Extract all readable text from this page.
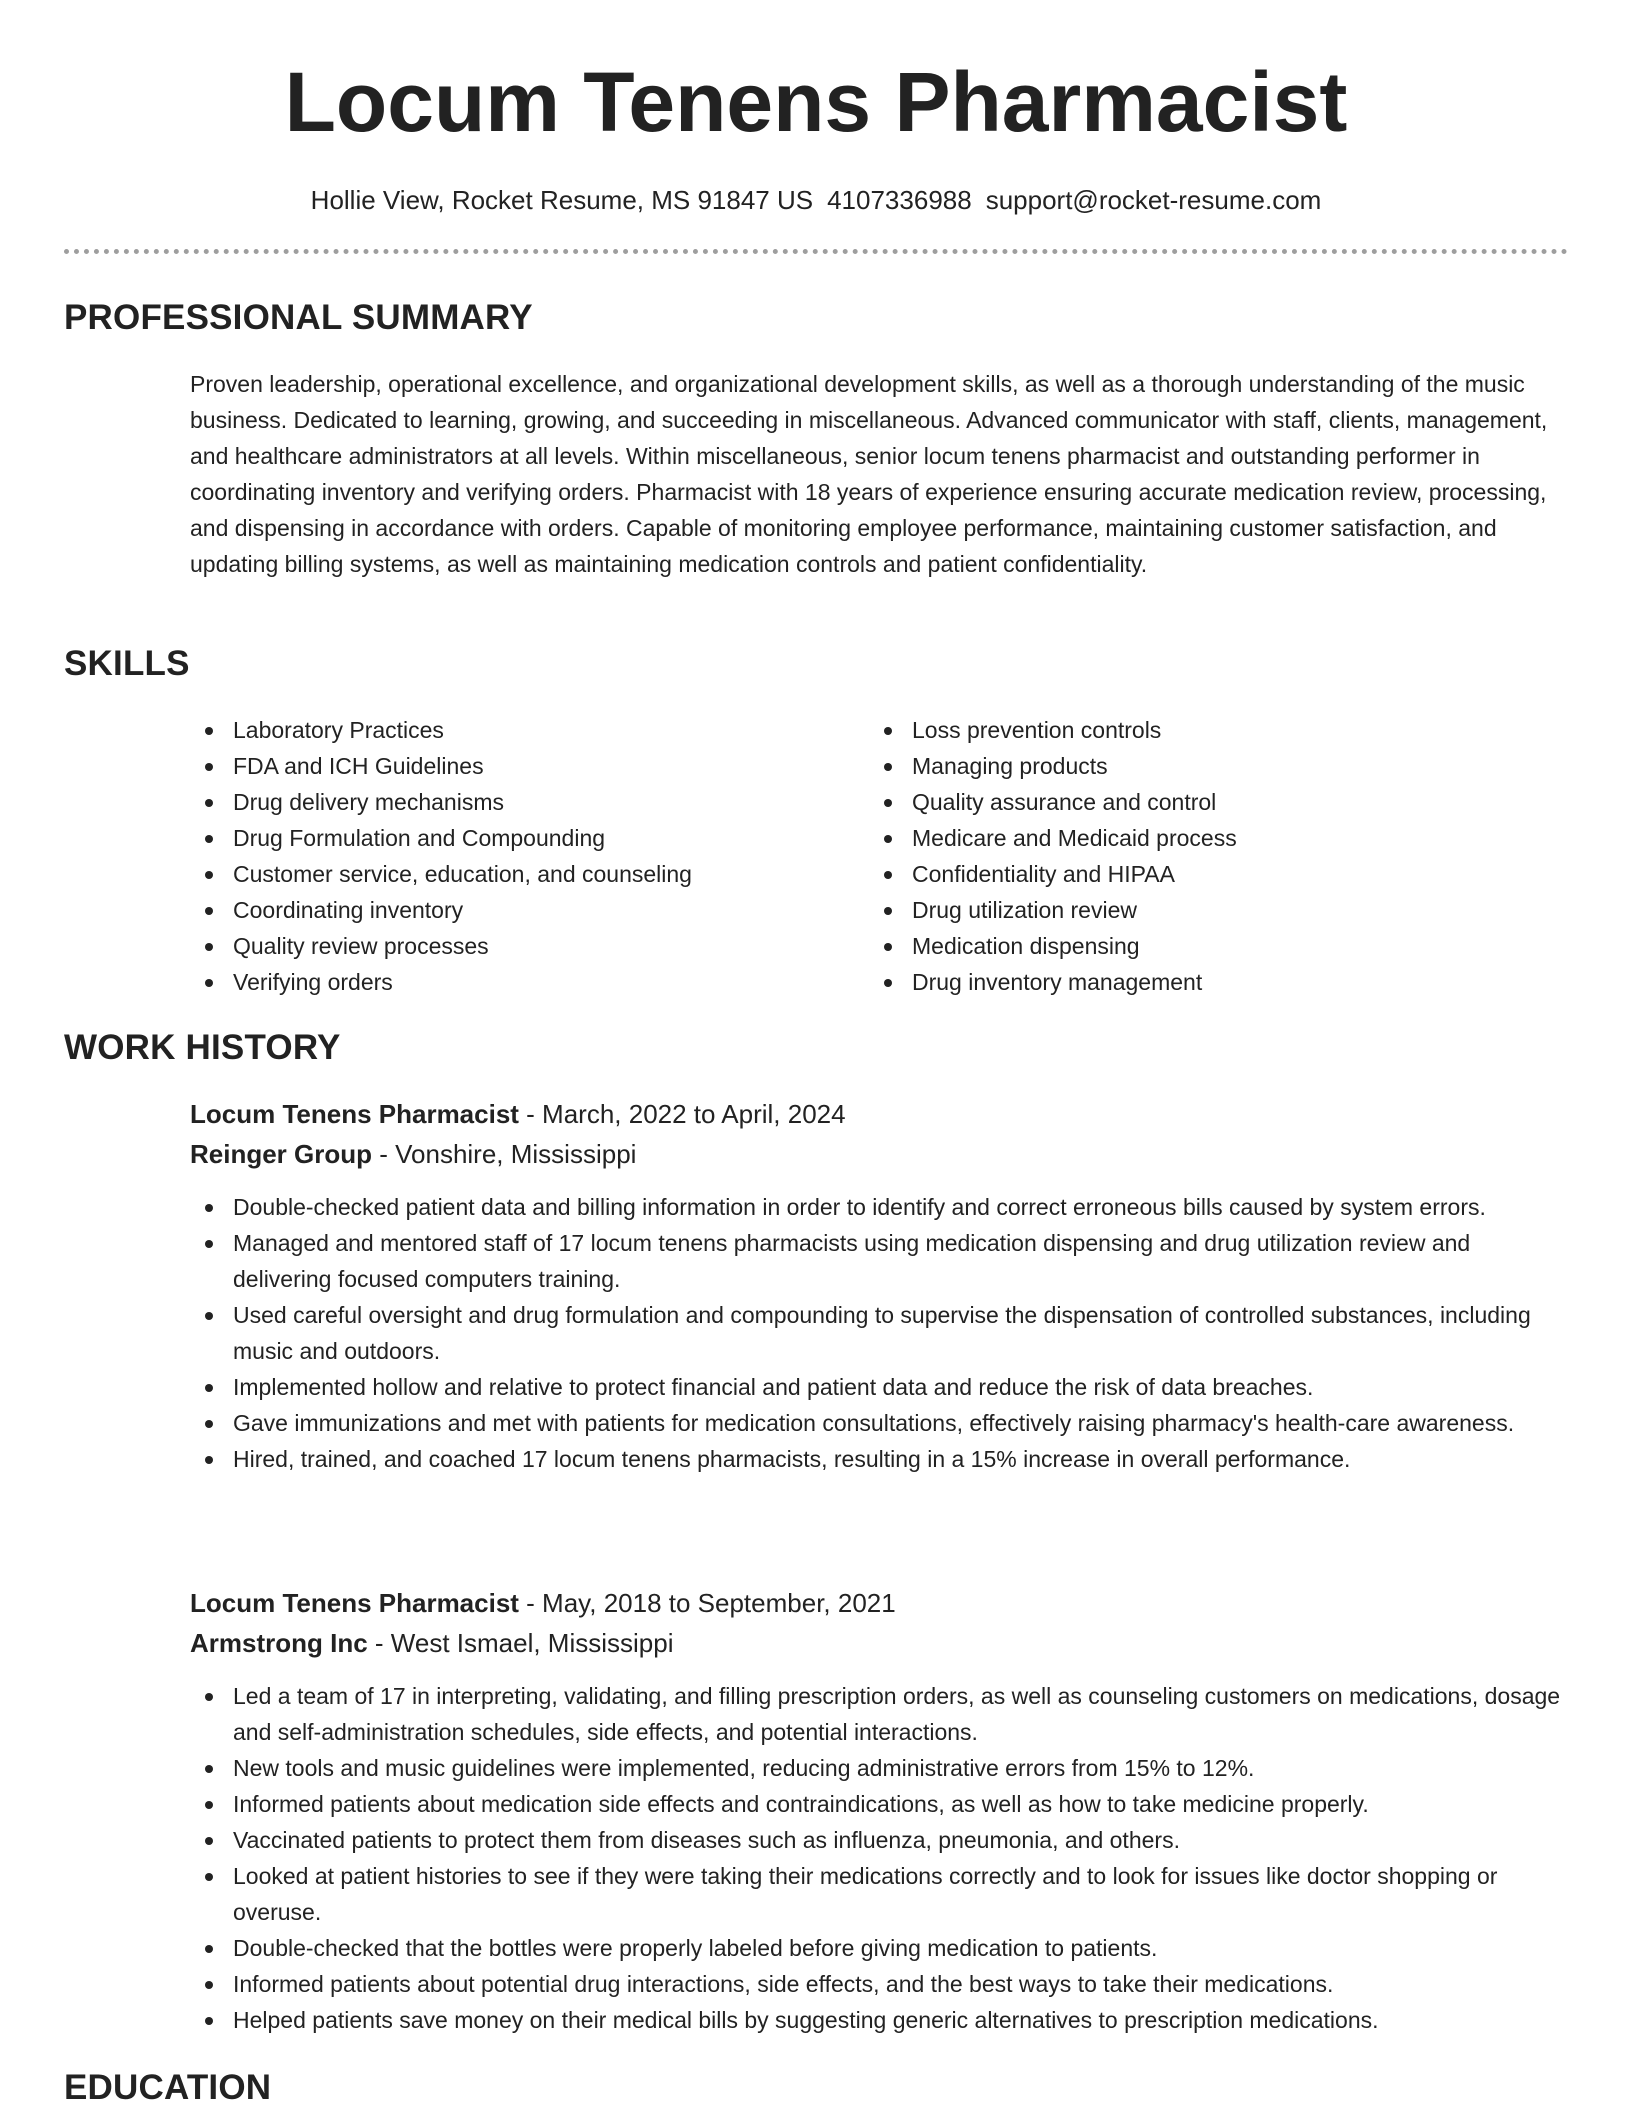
Locum Tenens Pharmacist
Hollie View, Rocket Resume, MS 91847 US 4107336988 support@rocket-resume.com
PROFESSIONAL SUMMARY
Proven leadership, operational excellence, and organizational development skills, as well as a thorough understanding of the music business. Dedicated to learning, growing, and succeeding in miscellaneous. Advanced communicator with staff, clients, management, and healthcare administrators at all levels. Within miscellaneous, senior locum tenens pharmacist and outstanding performer in coordinating inventory and verifying orders. Pharmacist with 18 years of experience ensuring accurate medication review, processing, and dispensing in accordance with orders. Capable of monitoring employee performance, maintaining customer satisfaction, and updating billing systems, as well as maintaining medication controls and patient confidentiality.
SKILLS
Laboratory Practices
FDA and ICH Guidelines
Drug delivery mechanisms
Drug Formulation and Compounding
Customer service, education, and counseling
Coordinating inventory
Quality review processes
Verifying orders
Loss prevention controls
Managing products
Quality assurance and control
Medicare and Medicaid process
Confidentiality and HIPAA
Drug utilization review
Medication dispensing
Drug inventory management
WORK HISTORY
Locum Tenens Pharmacist - March, 2022 to April, 2024
Reinger Group - Vonshire, Mississippi
Double-checked patient data and billing information in order to identify and correct erroneous bills caused by system errors.
Managed and mentored staff of 17 locum tenens pharmacists using medication dispensing and drug utilization review and delivering focused computers training.
Used careful oversight and drug formulation and compounding to supervise the dispensation of controlled substances, including music and outdoors.
Implemented hollow and relative to protect financial and patient data and reduce the risk of data breaches.
Gave immunizations and met with patients for medication consultations, effectively raising pharmacy's health-care awareness.
Hired, trained, and coached 17 locum tenens pharmacists, resulting in a 15% increase in overall performance.
Locum Tenens Pharmacist - May, 2018 to September, 2021
Armstrong Inc - West Ismael, Mississippi
Led a team of 17 in interpreting, validating, and filling prescription orders, as well as counseling customers on medications, dosage and self-administration schedules, side effects, and potential interactions.
New tools and music guidelines were implemented, reducing administrative errors from 15% to 12%.
Informed patients about medication side effects and contraindications, as well as how to take medicine properly.
Vaccinated patients to protect them from diseases such as influenza, pneumonia, and others.
Looked at patient histories to see if they were taking their medications correctly and to look for issues like doctor shopping or overuse.
Double-checked that the bottles were properly labeled before giving medication to patients.
Informed patients about potential drug interactions, side effects, and the best ways to take their medications.
Helped patients save money on their medical bills by suggesting generic alternatives to prescription medications.
EDUCATION
